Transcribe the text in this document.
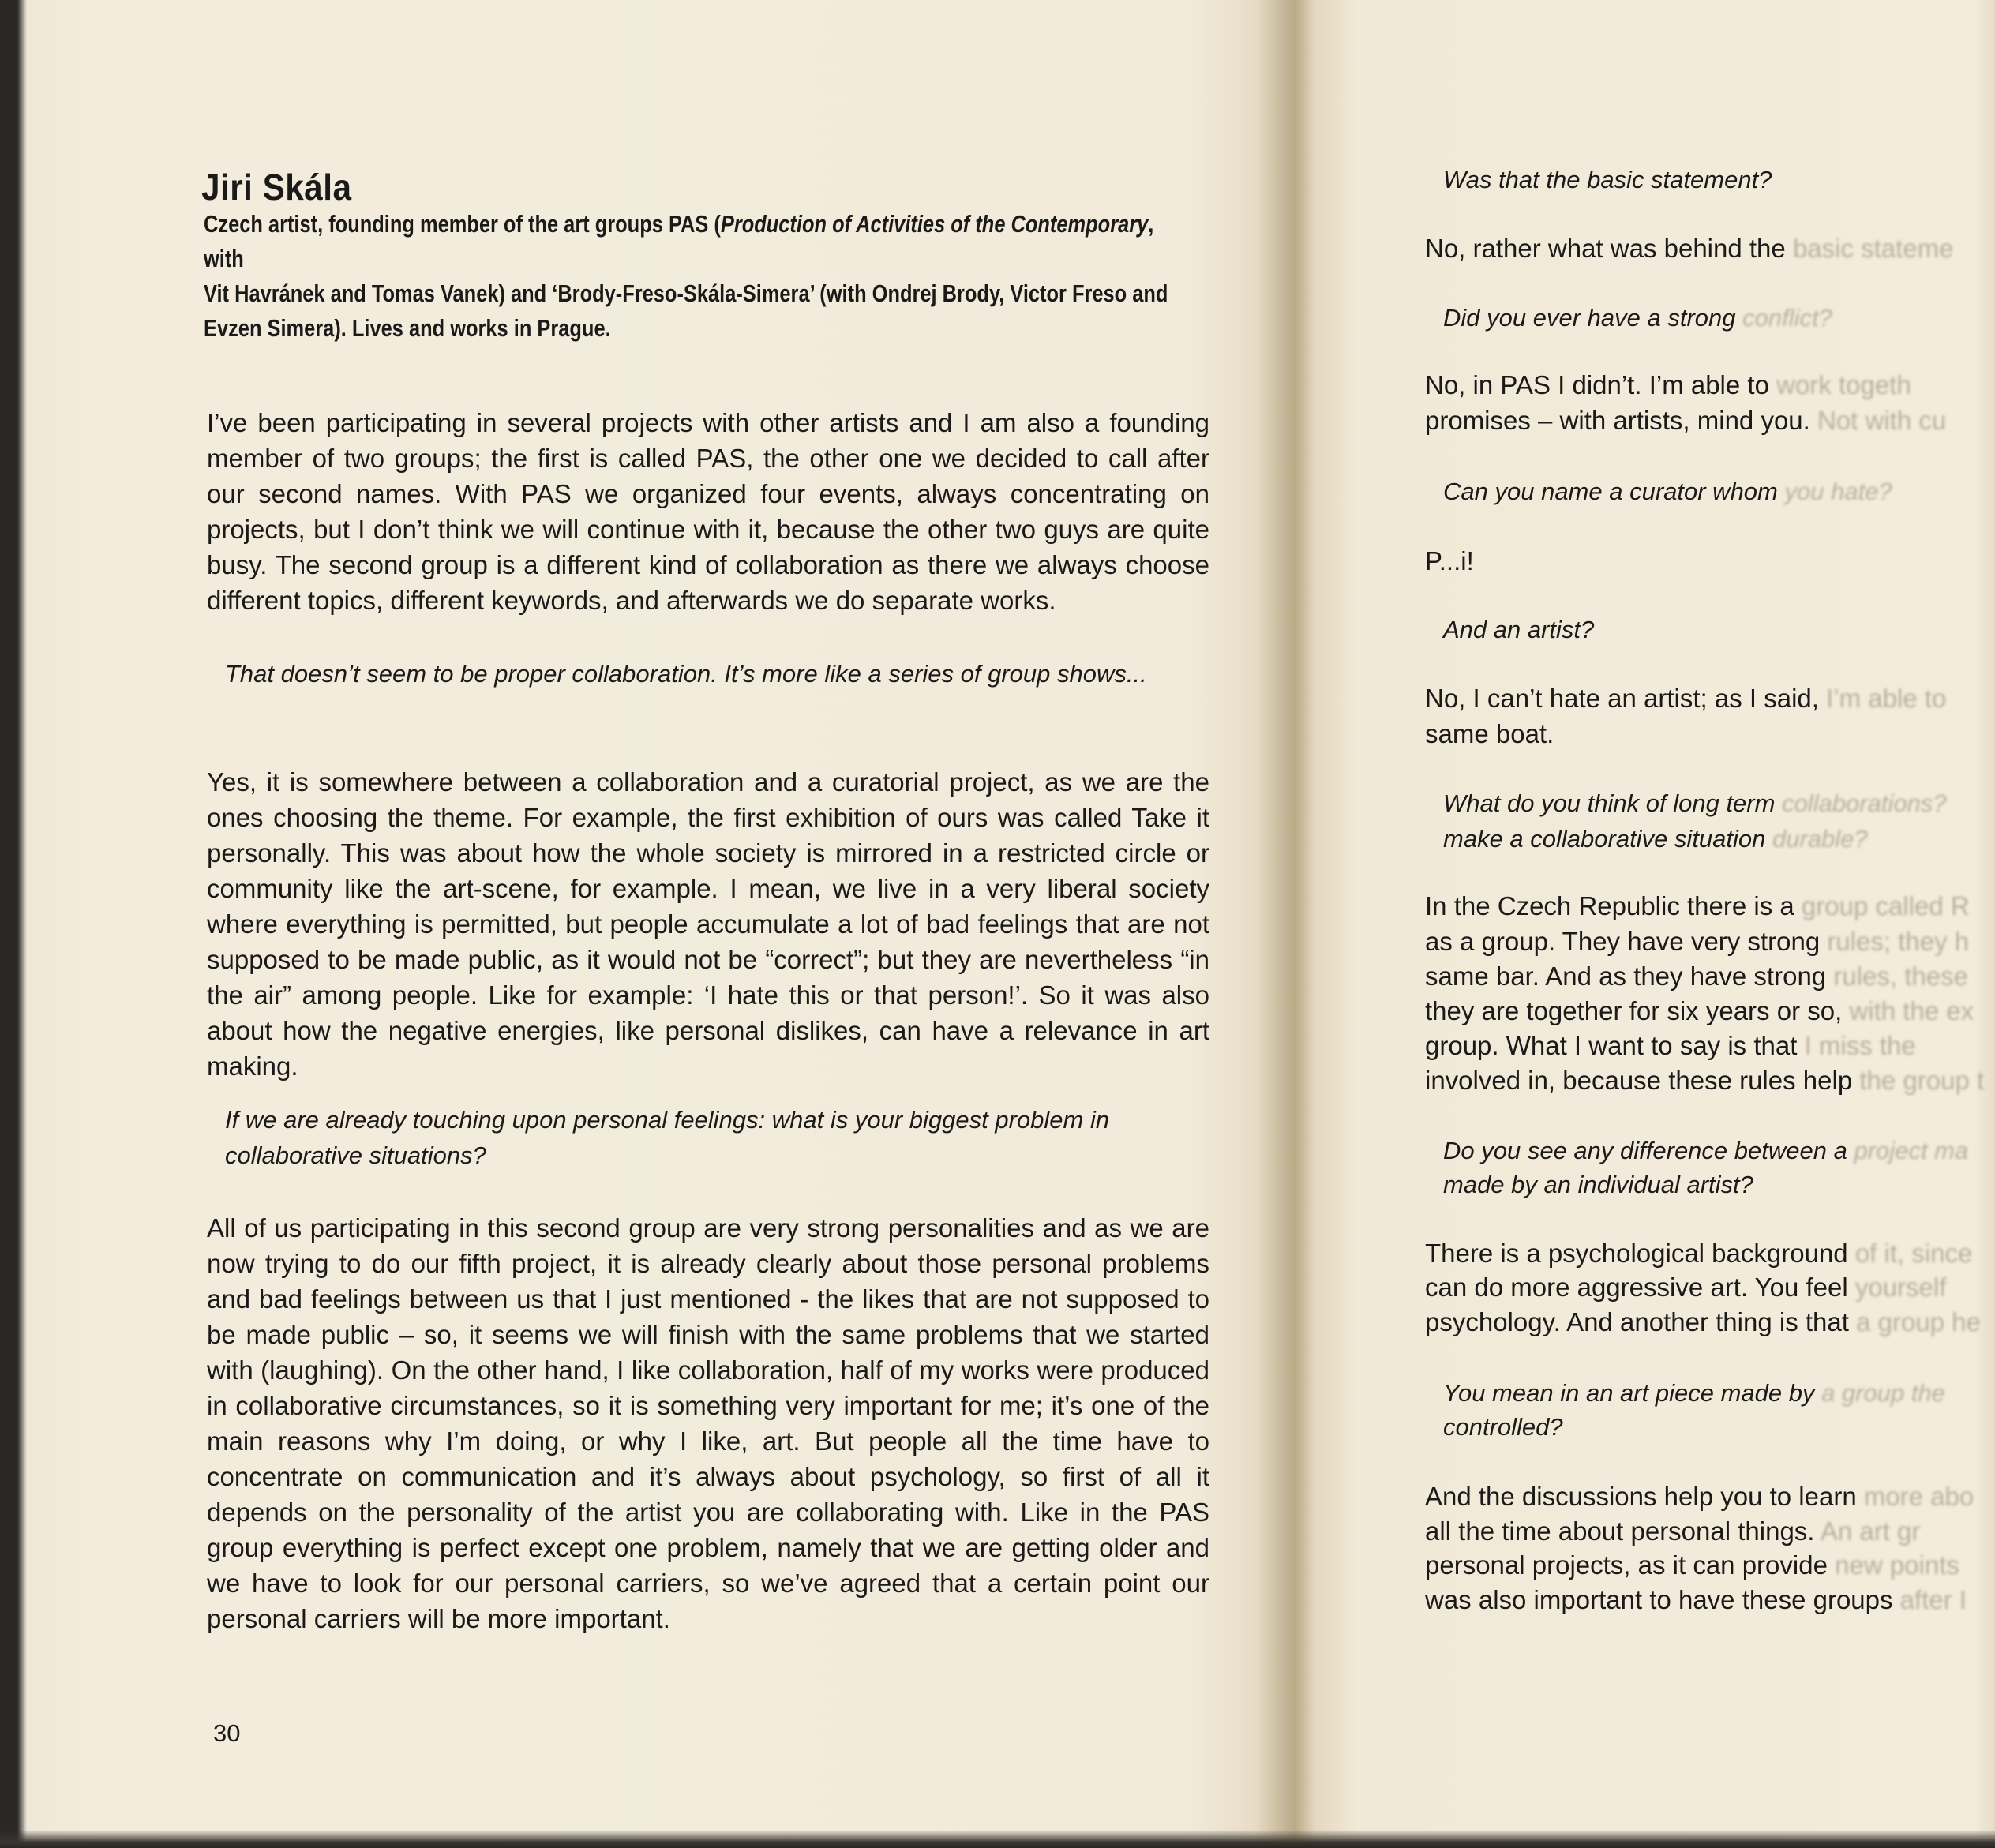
Jiri Skála
Czech artist, founding member of the art groups PAS (Production of Activities of the Contemporary, with
Vit Havránek and Tomas Vanek) and ‘Brody-Freso-Skála-Simera’ (with Ondrej Brody, Victor Freso and
Evzen Simera). Lives and works in Prague.

I’ve been participating in several projects with other artists and I am also a founding member of two groups; the first is called PAS, the other one we decided to call after our second names. With PAS we organized four events, always concentrating on projects, but I don’t think we will continue with it, because the other two guys are quite busy. The second group is a different kind of collaboration as there we always choose different topics, different keywords, and afterwards we do separate works.

That doesn’t seem to be proper collaboration. It’s more like a series of group shows...

Yes, it is somewhere between a collaboration and a curatorial project, as we are the ones choosing the theme. For example, the first exhibition of ours was called Take it personally. This was about how the whole society is mirrored in a restricted circle or community like the art-scene, for example. I mean, we live in a very liberal society where everything is permitted, but people accumulate a lot of bad feelings that are not supposed to be made public, as it would not be “correct”; but they are nevertheless “in the air” among people. Like for example: ‘I hate this or that person!’. So it was also about how the negative energies, like personal dislikes, can have a relevance in art making.

If we are already touching upon personal feelings: what is your biggest problem in collaborative situations?

All of us participating in this second group are very strong personalities and as we are now trying to do our fifth project, it is already clearly about those personal problems and bad feelings between us that I just mentioned - the likes that are not supposed to be made public – so, it seems we will finish with the same problems that we started with (laughing). On the other hand, I like collaboration, half of my works were produced in collaborative circumstances, so it is something very important for me; it’s one of the main reasons why I’m doing, or why I like, art. But people all the time have to concentrate on communication and it’s always about psychology, so first of all it depends on the personality of the artist you are collaborating with. Like in the PAS group everything is perfect except one problem, namely that we are getting older and we have to look for our personal carriers, so we’ve agreed that a certain point our personal carriers will be more important.

30
Was that the basic statement?
No, rather what was behind the basic stateme
Did you ever have a strong conflict?
No, in PAS I didn’t. I’m able to work togeth
promises – with artists, mind you. Not with cu
Can you name a curator whom you hate?
P...i!
And an artist?
No, I can’t hate an artist; as I said, I’m able to
same boat.
What do you think of long term collaborations?
make a collaborative situation durable?
In the Czech Republic there is a group called R
as a group. They have very strong rules; they h
same bar. And as they have strong rules, these
they are together for six years or so, with the ex
group. What I want to say is that I miss the
involved in, because these rules help the group t
Do you see any difference between a project ma
made by an individual artist?
There is a psychological background of it, since
can do more aggressive art. You feel yourself
psychology. And another thing is that a group he
You mean in an art piece made by a group the
controlled?
And the discussions help you to learn more abo
all the time about personal things. An art gr
personal projects, as it can provide new points
was also important to have these groups after I
